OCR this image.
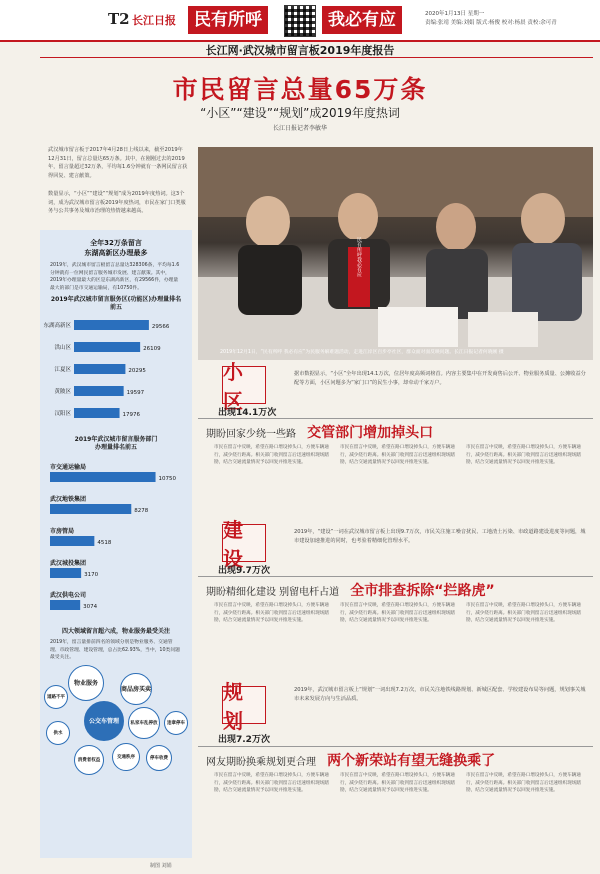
T2 长江日报	民有所呼	我必有应	2020年1月13日 星期一
责编:张靖 美编:刘娟 版式:杨俊 校对:杨晨 责校:余可青
长江网·武汉城市留言板2019年度报告
市民留言总量65万条
“小区”“建设”“规划”成2019年度热词
长江日报记者李敏华
武汉城市留言板于2017年4月28日上线以来，截至2019年12月31日，留言总量达65万条。其中，在刚刚过去的2019年，留言量超过32万条，平均每1.6分钟就有一条网民留言获得回复、建言献策。
数量显示，“小区”“建设”“规划”成为2019年度热词。这3个词，成为武汉城市留言板2019年度热词，市民在家门口类服务与公共事务及城市治理的热情越来越高。
全年32万条留言
东湖高新区办理最多
2019年，武汉城市留言板留言总量达328306条，平均每1.6分钟就有一位网民留言服务城市发展、建言献策。其中，2019年办理量最大的区是东湖高新区，有29566件，办理量最大的部门是市交通运输局，有10750件。
2019年武汉城市留言服务区(功能区)办理量排名前五
东湖高新区	29566
洪山区	26109
江夏区	20295
黄陂区	19597
汉阳区	17976
2019年武汉城市留言服务部门
办理量排名前五
市交通运输局
10750
武汉地铁集团
8278
市房管局
4518
武汉城投集团
3170
武汉供电公司
3074
四大领域留言超六成，物业服务最受关注
2019年，留言量排前四名的领域分别是物业服务、交通管理、市政管理、建设管理，总占比62.93%，当中，10类问题最受关注。
物业服务
商品房买卖
公交车管理	私家车乱停放	违章停车
消费者权益
交通秩序
供水
停车收费
道路不平
制图 刘娟
民有所呼我必有应
2019年12月1日，“民有所呼 我必有应”为民服务解难题活动，走进江岸区百步亭社区，群众面对面反映问题。长江日报记者何晓刚 摄
小区
出现14.1万次
据市数据显示，“小区”全年出现14.1万次，位居年度高频词榜首。内容主要集中在开发商售后公开、物业服务质量、公摊收益分配等方面，小区问题多为“家门口”的民生小事，却牵动千家万户。
期盼回家少绕一些路 交管部门增加掉头口
市民在留言中反映，希望在路口增设掉头口，方便车辆通行，减少绕行距离。相关部门收到留言后迅速组织现场踏勘，结合交通流量情况予以回复并推进实施。
市民在留言中反映，希望在路口增设掉头口，方便车辆通行，减少绕行距离。相关部门收到留言后迅速组织现场踏勘，结合交通流量情况予以回复并推进实施。
市民在留言中反映，希望在路口增设掉头口，方便车辆通行，减少绕行距离。相关部门收到留言后迅速组织现场踏勘，结合交通流量情况予以回复并推进实施。
建设
出现9.7万次
2019年，“建设”一词在武汉城市留言板上出现9.7万次，市民关注施工噪音扰民、工地渣土污染、市政道路建设进度等问题，城市建设加速推进的同时，也考验着精细化管理水平。
期盼精细化建设 别留电杆占道 全市排查拆除“拦路虎”
市民在留言中反映，希望在路口增设掉头口，方便车辆通行，减少绕行距离。相关部门收到留言后迅速组织现场踏勘，结合交通流量情况予以回复并推进实施。
市民在留言中反映，希望在路口增设掉头口，方便车辆通行，减少绕行距离。相关部门收到留言后迅速组织现场踏勘，结合交通流量情况予以回复并推进实施。
市民在留言中反映，希望在路口增设掉头口，方便车辆通行，减少绕行距离。相关部门收到留言后迅速组织现场踏勘，结合交通流量情况予以回复并推进实施。
规划
出现7.2万次
2019年，武汉城市留言板上“规划”一词出现7.2万次，市民关注地铁线路规划、新城区配套、学校建设布局等问题，规划事关城市未来发展方向与生活品质。
网友期盼换乘规划更合理 两个新荣站有望无缝换乘了
市民在留言中反映，希望在路口增设掉头口，方便车辆通行，减少绕行距离。相关部门收到留言后迅速组织现场踏勘，结合交通流量情况予以回复并推进实施。
市民在留言中反映，希望在路口增设掉头口，方便车辆通行，减少绕行距离。相关部门收到留言后迅速组织现场踏勘，结合交通流量情况予以回复并推进实施。
市民在留言中反映，希望在路口增设掉头口，方便车辆通行，减少绕行距离。相关部门收到留言后迅速组织现场踏勘，结合交通流量情况予以回复并推进实施。
